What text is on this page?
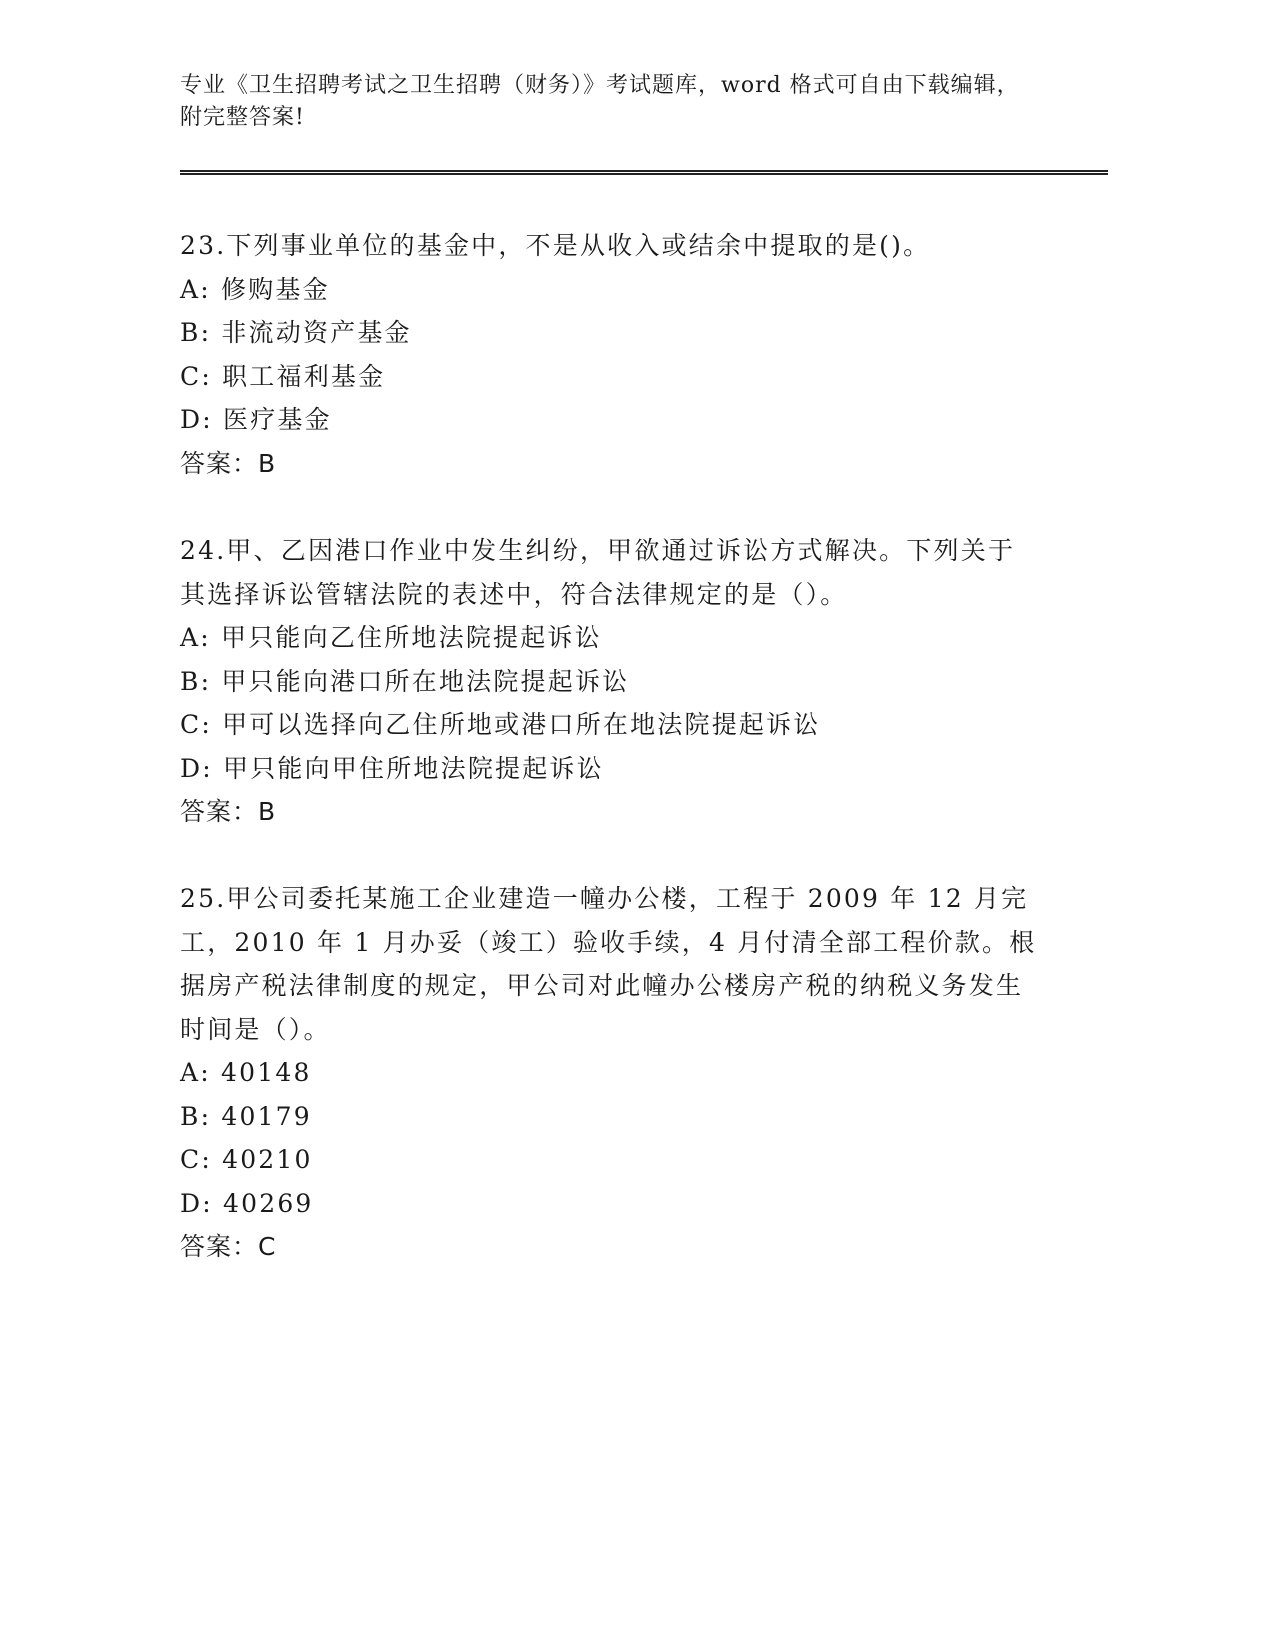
专业《卫生招聘考试之卫生招聘（财务）》考试题库，word 格式可自由下载编辑，附完整答案!

23.下列事业单位的基金中，不是从收入或结余中提取的是()。

A: 修购基金

B: 非流动资产基金

C: 职工福利基金

D: 医疗基金

答案：B

24.甲、乙因港口作业中发生纠纷，甲欲通过诉讼方式解决。下列关于其选择诉讼管辖法院的表述中，符合法律规定的是（）。

A: 甲只能向乙住所地法院提起诉讼

B: 甲只能向港口所在地法院提起诉讼

C: 甲可以选择向乙住所地或港口所在地法院提起诉讼

D: 甲只能向甲住所地法院提起诉讼

答案：B

25.甲公司委托某施工企业建造一幢办公楼，工程于 2009 年 12 月完工，2010 年 1 月办妥（竣工）验收手续，4 月付清全部工程价款。根据房产税法律制度的规定，甲公司对此幢办公楼房产税的纳税义务发生时间是（）。

A: 40148

B: 40179

C: 40210

D: 40269

答案：C
